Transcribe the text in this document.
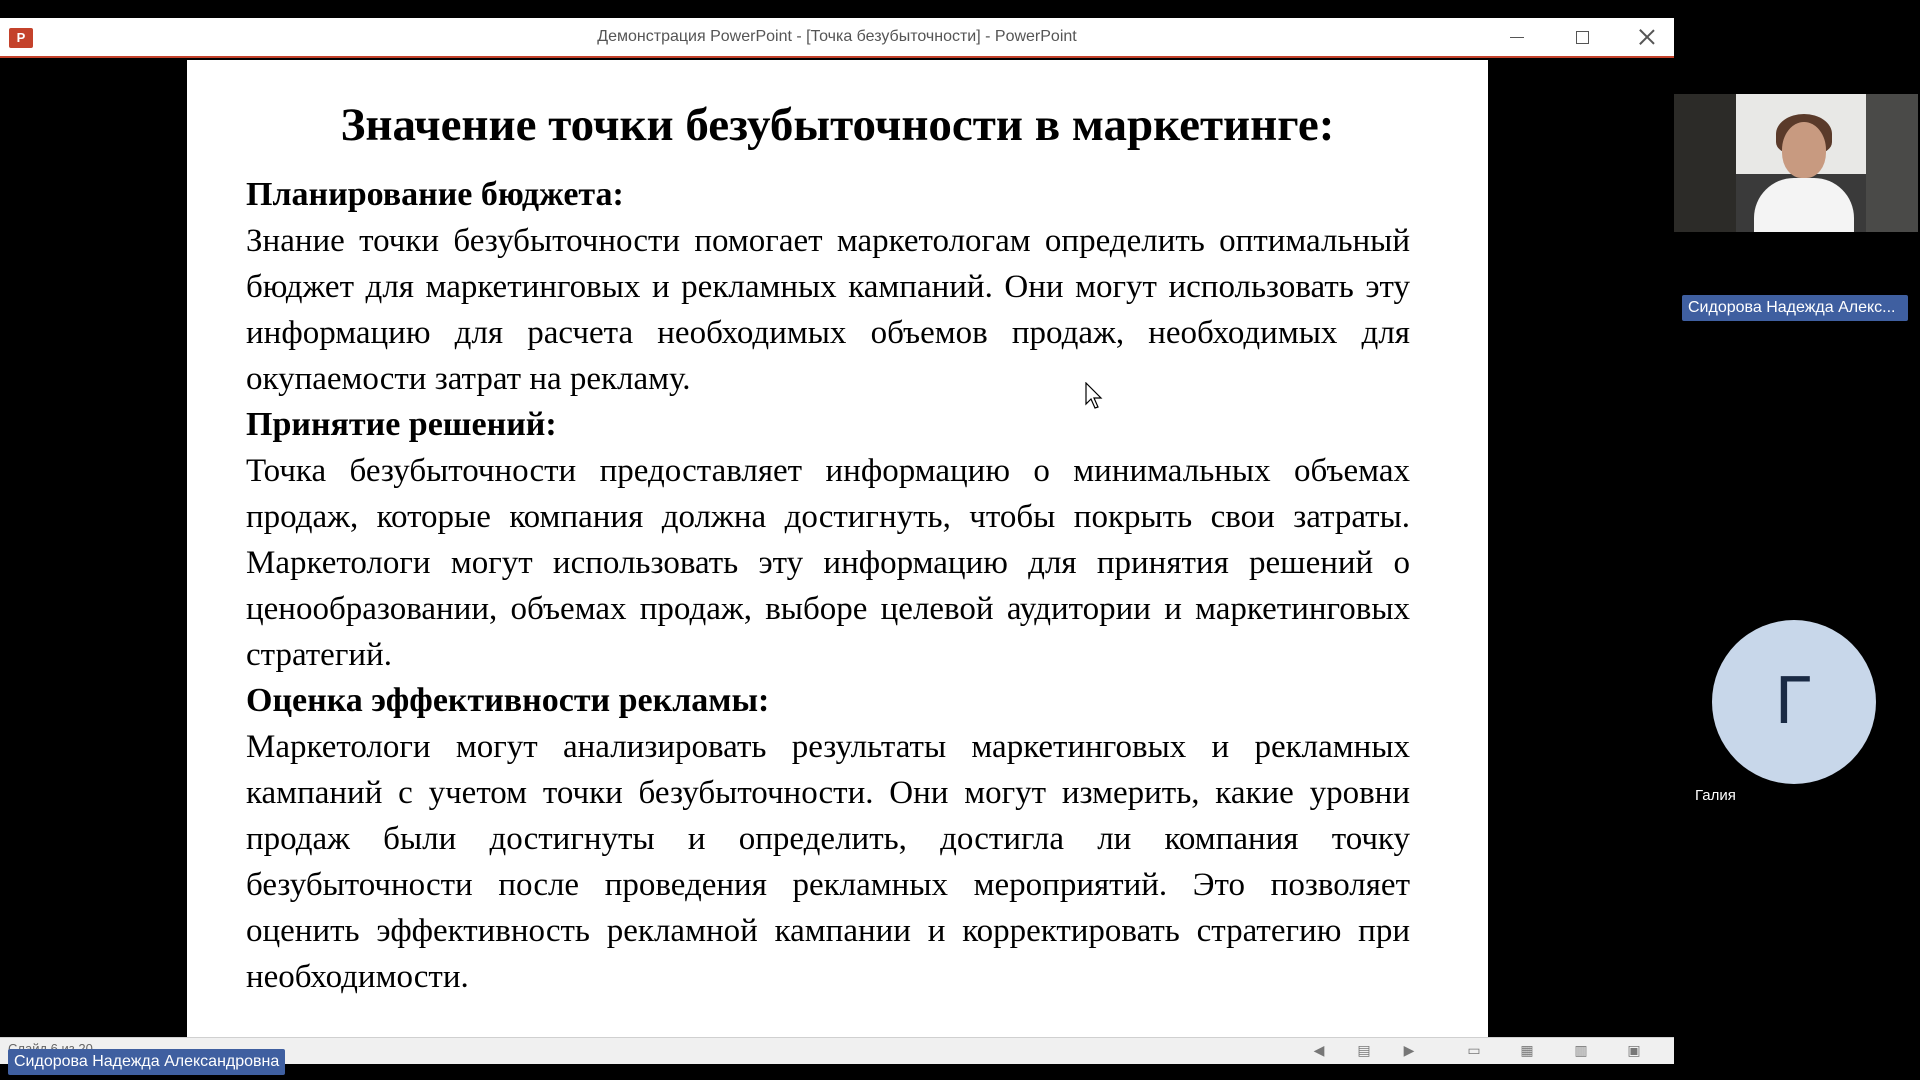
P	Демонстрация PowerPoint - [Точка безубыточности] - PowerPoint
Значение точки безубыточности в маркетинге:

Планирование бюджета:

Знание точки безубыточности помогает маркетологам определить оптимальный бюджет для маркетинговых и рекламных кампаний. Они могут использовать эту информацию для расчета необходимых объемов продаж, необходимых для окупаемости затрат на рекламу.

Принятие решений:

Точка безубыточности предоставляет информацию о минимальных объемах продаж, которые компания должна достигнуть, чтобы покрыть свои затраты. Маркетологи могут использовать эту информацию для принятия решений о ценообразовании, объемах продаж, выборе целевой аудитории и маркетинговых стратегий.

Оценка эффективности рекламы:

Маркетологи могут анализировать результаты маркетинговых и рекламных кампаний с учетом точки безубыточности. Они могут измерить, какие уровни продаж были достигнуты и определить, достигла ли компания точку безубыточности после проведения рекламных мероприятий. Это позволяет оценить эффективность рекламной кампании и корректировать стратегию при необходимости.

◀ ▤ ▶	▭	▦	▥	▣
Сидорова Надежда Александровна
Сидорова Надежда Алекс...
Г
Галия
